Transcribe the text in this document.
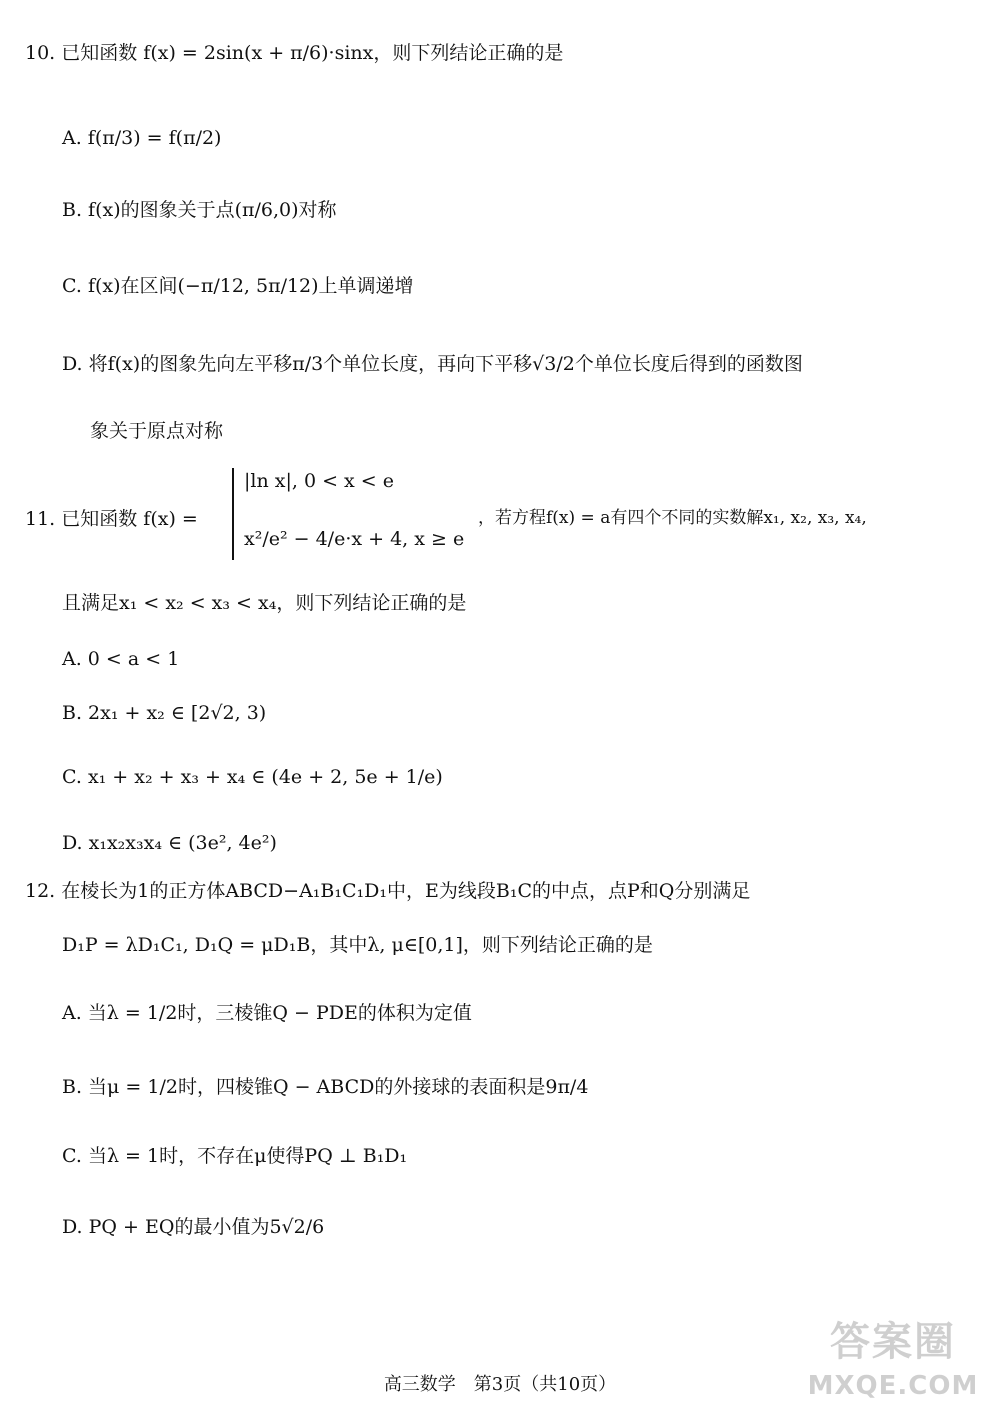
10. 已知函数 f(x) = 2sin(x + π/6)·sinx，则下列结论正确的是
A. f(π/3) = f(π/2)
B. f(x)的图象关于点(π/6,0)对称
C. f(x)在区间(−π/12, 5π/12)上单调递增
D. 将f(x)的图象先向左平移π/3个单位长度，再向下平移√3/2个单位长度后得到的函数图
象关于原点对称
11. 已知函数 f(x) =
|ln x|, 0 < x < e
x²/e² − 4/e·x + 4, x ≥ e
，若方程f(x) = a有四个不同的实数解x₁, x₂, x₃, x₄,
且满足x₁ < x₂ < x₃ < x₄，则下列结论正确的是
A. 0 < a < 1
B. 2x₁ + x₂ ∈ [2√2, 3)
C. x₁ + x₂ + x₃ + x₄ ∈ (4e + 2, 5e + 1/e)
D. x₁x₂x₃x₄ ∈ (3e², 4e²)
12. 在棱长为1的正方体ABCD−A₁B₁C₁D₁中，E为线段B₁C的中点，点P和Q分别满足
D₁P = λD₁C₁, D₁Q = μD₁B，其中λ, μ∈[0,1]，则下列结论正确的是
A. 当λ = 1/2时，三棱锥Q − PDE的体积为定值
B. 当μ = 1/2时，四棱锥Q − ABCD的外接球的表面积是9π/4
C. 当λ = 1时，不存在μ使得PQ ⊥ B₁D₁
D. PQ + EQ的最小值为5√2/6
高三数学　第3页（共10页）
答案圈
MXQE.COM
